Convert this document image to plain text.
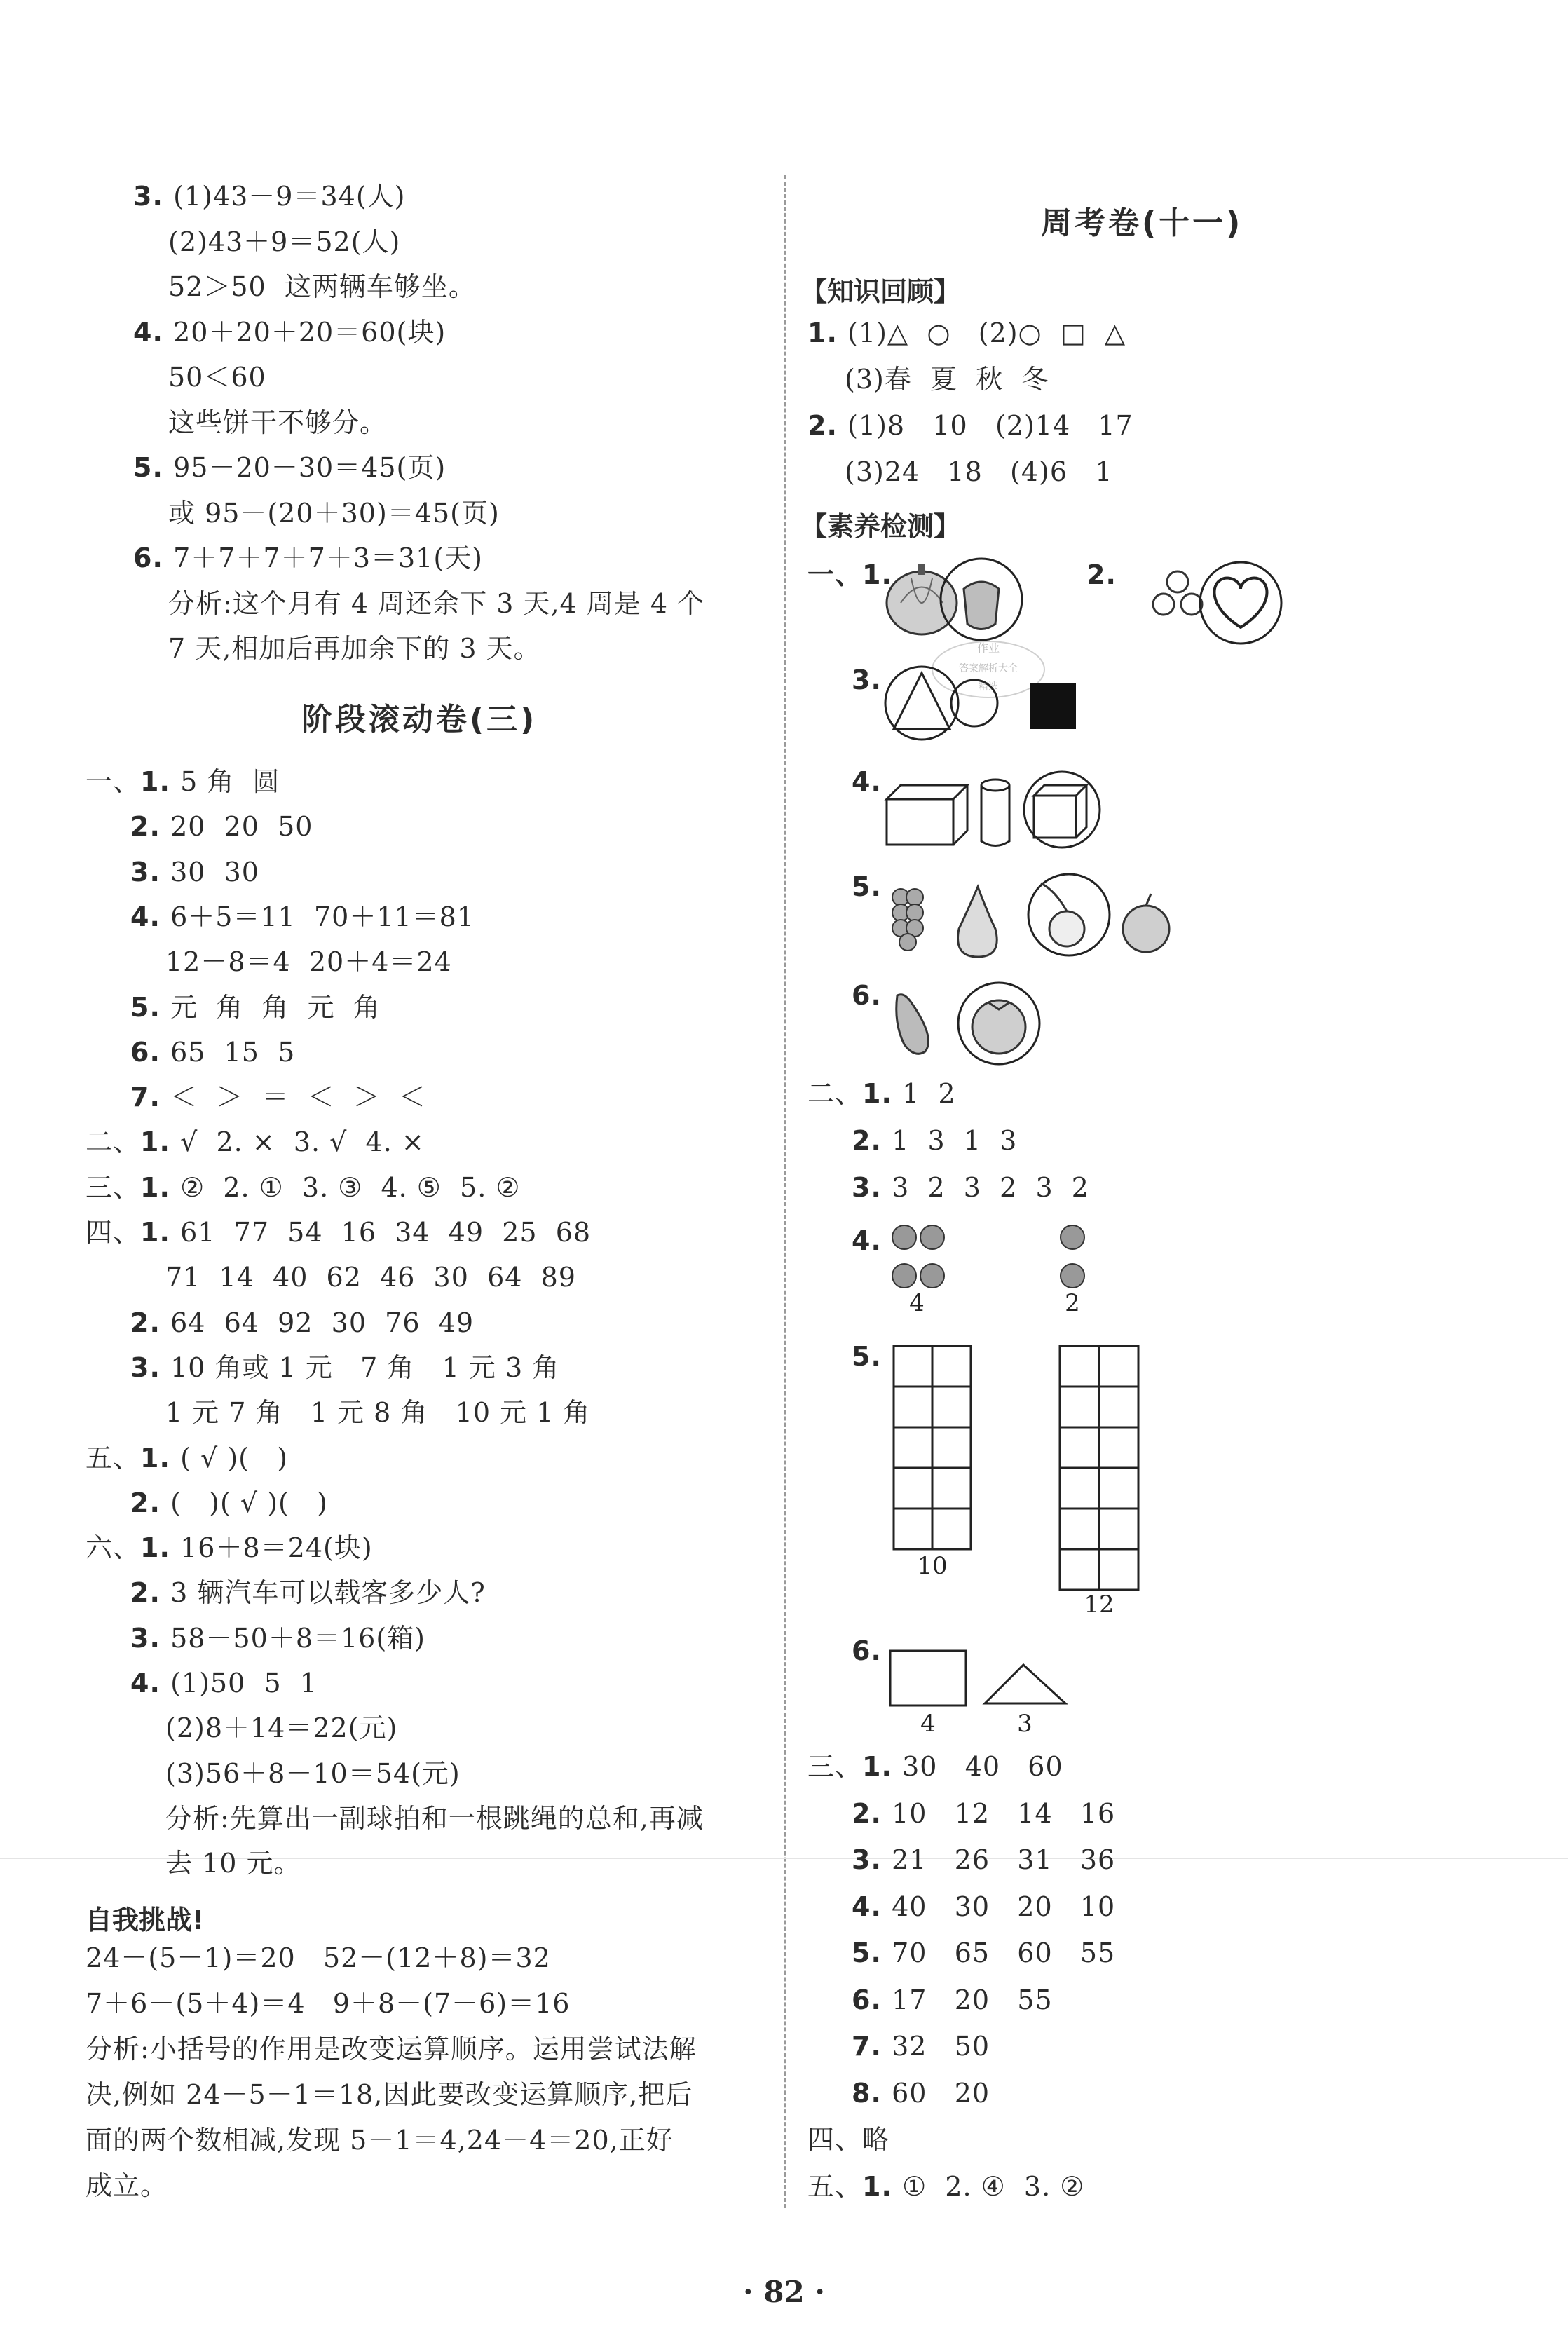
3. (1)43－9＝34(人)
(2)43＋9＝52(人)
52＞50  这两辆车够坐。
4. 20＋20＋20＝60(块)
50＜60
这些饼干不够分。
5. 95－20－30＝45(页)
或 95－(20＋30)＝45(页)
6. 7＋7＋7＋7＋3＝31(天)
分析:这个月有 4 周还余下 3 天,4 周是 4 个
7 天,相加后再加余下的 3 天。
阶段滚动卷(三)
一、1. 5 角  圆
2. 20  20  50
3. 30  30
4. 6＋5＝11  70＋11＝81
12－8＝4  20＋4＝24
5. 元  角  角  元  角
6. 65  15  5
7. ＜  ＞  ＝  ＜  ＞  ＜
二、1. √  2. ×  3. √  4. ×
三、1. ②  2. ①  3. ③  4. ⑤  5. ②
四、1. 61  77  54  16  34  49  25  68
71  14  40  62  46  30  64  89
2. 64  64  92  30  76  49
3. 10 角或 1 元   7 角   1 元 3 角
1 元 7 角   1 元 8 角   10 元 1 角
五、1. ( √ )(   )
2. (   )( √ )(   )
六、1. 16＋8＝24(块)
2. 3 辆汽车可以载客多少人?
3. 58－50＋8＝16(箱)
4. (1)50  5  1
(2)8＋14＝22(元)
(3)56＋8－10＝54(元)
分析:先算出一副球拍和一根跳绳的总和,再减
去 10 元。
自我挑战!
24－(5－1)＝20   52－(12＋8)＝32
7＋6－(5＋4)＝4   9＋8－(7－6)＝16
分析:小括号的作用是改变运算顺序。运用尝试法解
决,例如 24－5－1＝18,因此要改变运算顺序,把后
面的两个数相减,发现 5－1＝4,24－4＝20,正好
成立。
周考卷(十一)
【知识回顾】
1. (1)△  ○   (2)○  □  △
(3)春  夏  秋  冬
2. (1)8   10   (2)14   17
(3)24   18   (4)6   1
【素养检测】
一、1.	2.
作业
答案解析大全
精选
3.
4.
5.
6.
二、1. 1  2
2. 1  3  1  3
3. 3  2  3  2  3  2
4.
4	2
5.
10
12
6.
4	3
三、1. 30   40   60
2. 10   12   14   16
3. 21   26   31   36
4. 40   30   20   10
5. 70   65   60   55
6. 17   20   55
7. 32   50
8. 60   20
四、略
五、1. ①  2. ④  3. ②
· 82 ·
